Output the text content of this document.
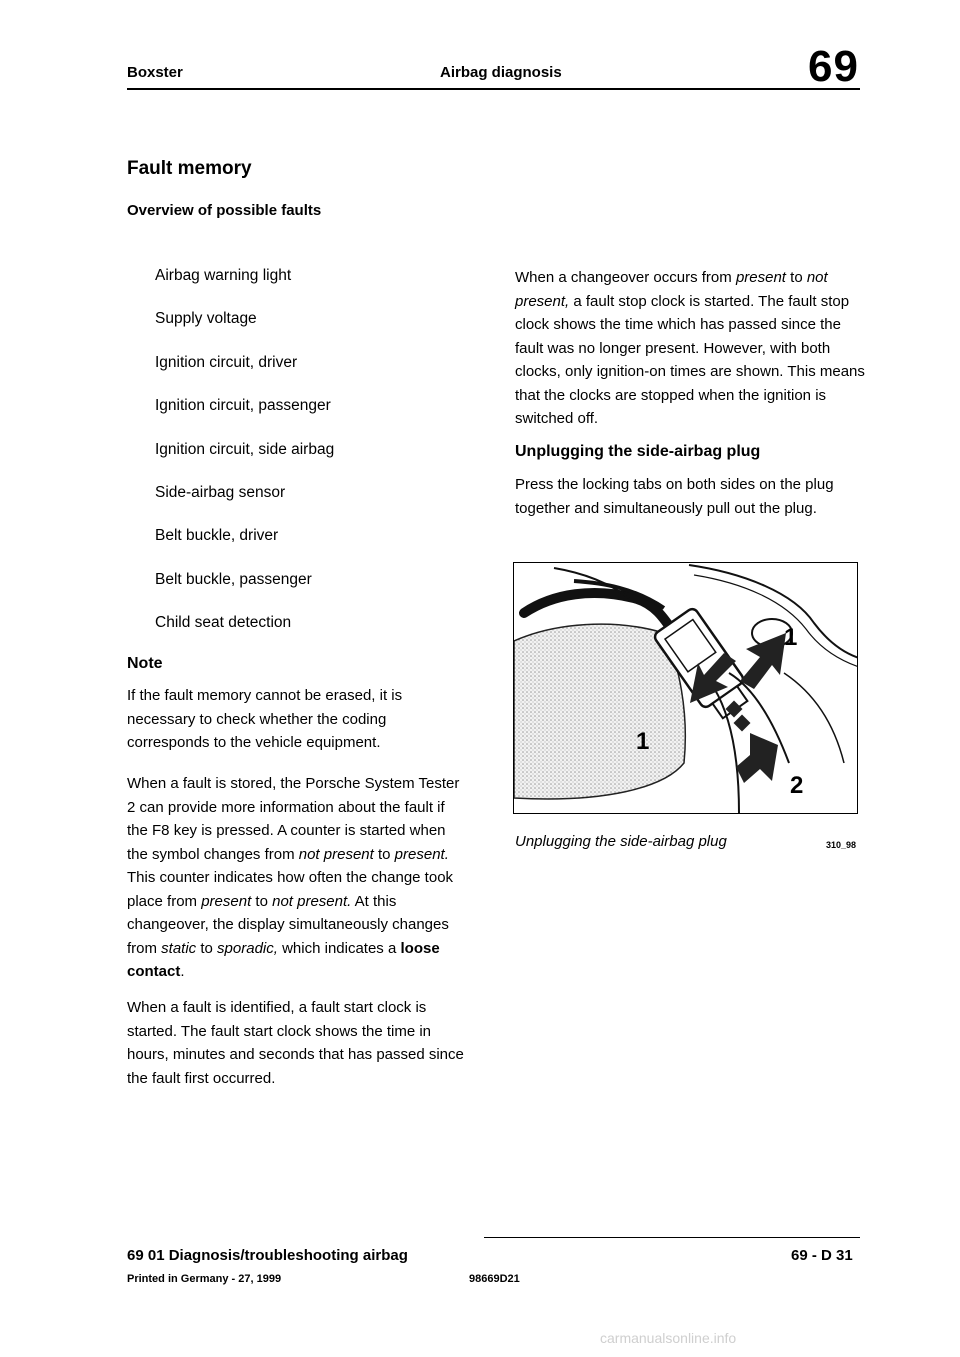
Boxster	Airbag diagnosis	69
Fault memory
Overview of possible faults
Airbag warning light
Supply voltage
Ignition circuit, driver
Ignition circuit, passenger
Ignition circuit, side airbag
Side-airbag sensor
Belt buckle, driver
Belt buckle, passenger
Child seat detection
Note
If the fault memory cannot be erased, it is necessary to check whether the coding corresponds to the vehicle equipment.
When a fault is stored, the Porsche System Tester 2 can provide more information about the fault if the F8 key is pressed. A counter is started when the symbol changes from not present to present. This counter indicates how often the change took place from present to not present. At this changeover, the display simultaneously changes from static to sporadic, which indicates a loose contact.
When a fault is identified, a fault start clock is started. The fault start clock shows the time in hours, minutes and seconds that has passed since the fault first occurred.
When a changeover occurs from present to not present, a fault stop clock is started. The fault stop clock shows the time which has passed since the fault was no longer present. However, with both clocks, only ignition-on times are shown. This means that the clocks are stopped when the ignition is switched off.
Unplugging the side-airbag plug
Press the locking tabs on both sides on the plug together and simultaneously pull out the plug.
1
1
2
Unplugging the side-airbag plug	310_98
69 01 Diagnosis/troubleshooting airbag	69 - D 31
Printed in Germany - 27, 1999	98669D21
carmanualsonline.info
